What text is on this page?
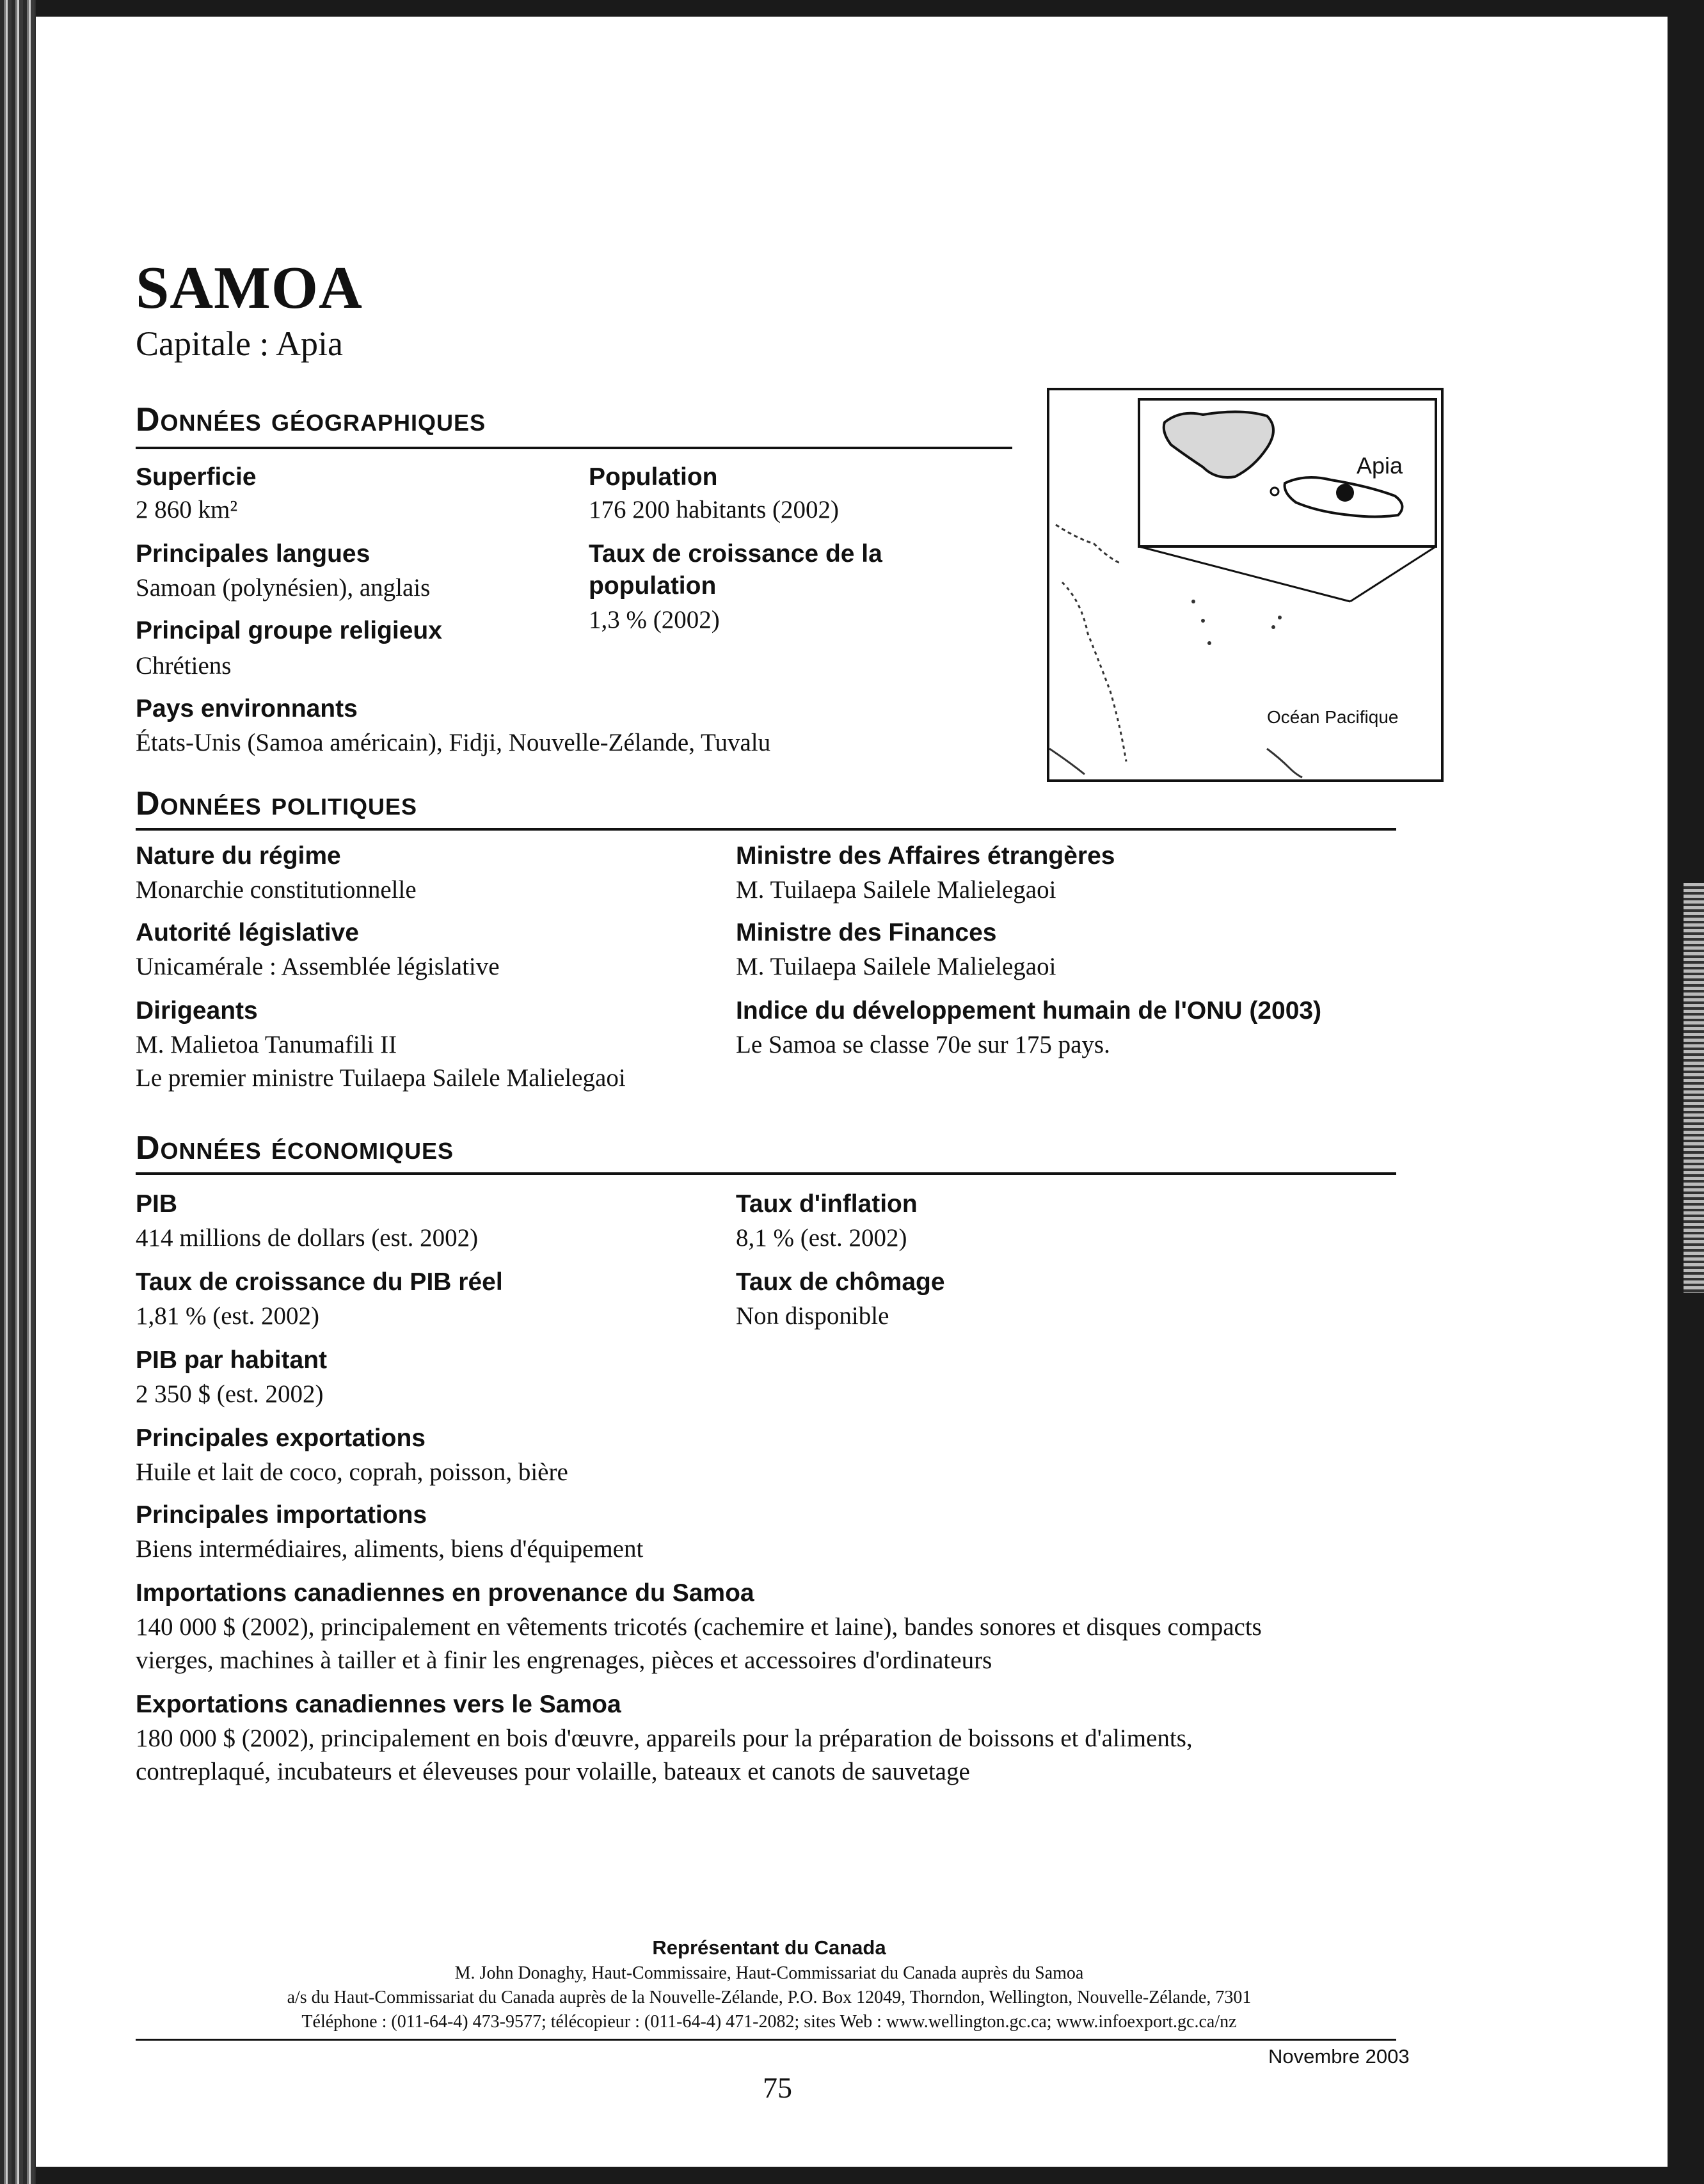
SAMOA
Capitale : Apia
Données géographiques
Superficie
2 860 km²
Principales langues
Samoan (polynésien), anglais
Principal groupe religieux
Chrétiens
Pays environnants
États-Unis (Samoa américain), Fidji, Nouvelle-Zélande, Tuvalu
Population
176 200 habitants (2002)
Taux de croissance de la
population
1,3 % (2002)
Apia
Océan Pacifique
Données politiques
Nature du régime
Monarchie constitutionnelle
Autorité législative
Unicamérale : Assemblée législative
Dirigeants
M. Malietoa Tanumafili II
Le premier ministre Tuilaepa Sailele Malielegaoi
Ministre des Affaires étrangères
M. Tuilaepa Sailele Malielegaoi
Ministre des Finances
M. Tuilaepa Sailele Malielegaoi
Indice du développement humain de l'ONU (2003)
Le Samoa se classe 70e sur 175 pays.
Données économiques
PIB
414 millions de dollars (est. 2002)
Taux de croissance du PIB réel
1,81 % (est. 2002)
PIB par habitant
2 350 $ (est. 2002)
Principales exportations
Huile et lait de coco, coprah, poisson, bière
Principales importations
Biens intermédiaires, aliments, biens d'équipement
Importations canadiennes en provenance du Samoa
140 000 $ (2002), principalement en vêtements tricotés (cachemire et laine), bandes sonores et disques compacts
vierges, machines à tailler et à finir les engrenages, pièces et accessoires d'ordinateurs
Exportations canadiennes vers le Samoa
180 000 $ (2002), principalement en bois d'œuvre, appareils pour la préparation de boissons et d'aliments,
contreplaqué, incubateurs et éleveuses pour volaille, bateaux et canots de sauvetage
Taux d'inflation
8,1 % (est. 2002)
Taux de chômage
Non disponible
Représentant du Canada
M. John Donaghy, Haut-Commissaire, Haut-Commissariat du Canada auprès du Samoa
a/s du Haut-Commissariat du Canada auprès de la Nouvelle-Zélande, P.O. Box 12049, Thorndon, Wellington, Nouvelle-Zélande, 7301
Téléphone : (011-64-4) 473-9577; télécopieur : (011-64-4) 471-2082; sites Web : www.wellington.gc.ca; www.infoexport.gc.ca/nz
Novembre 2003
75
